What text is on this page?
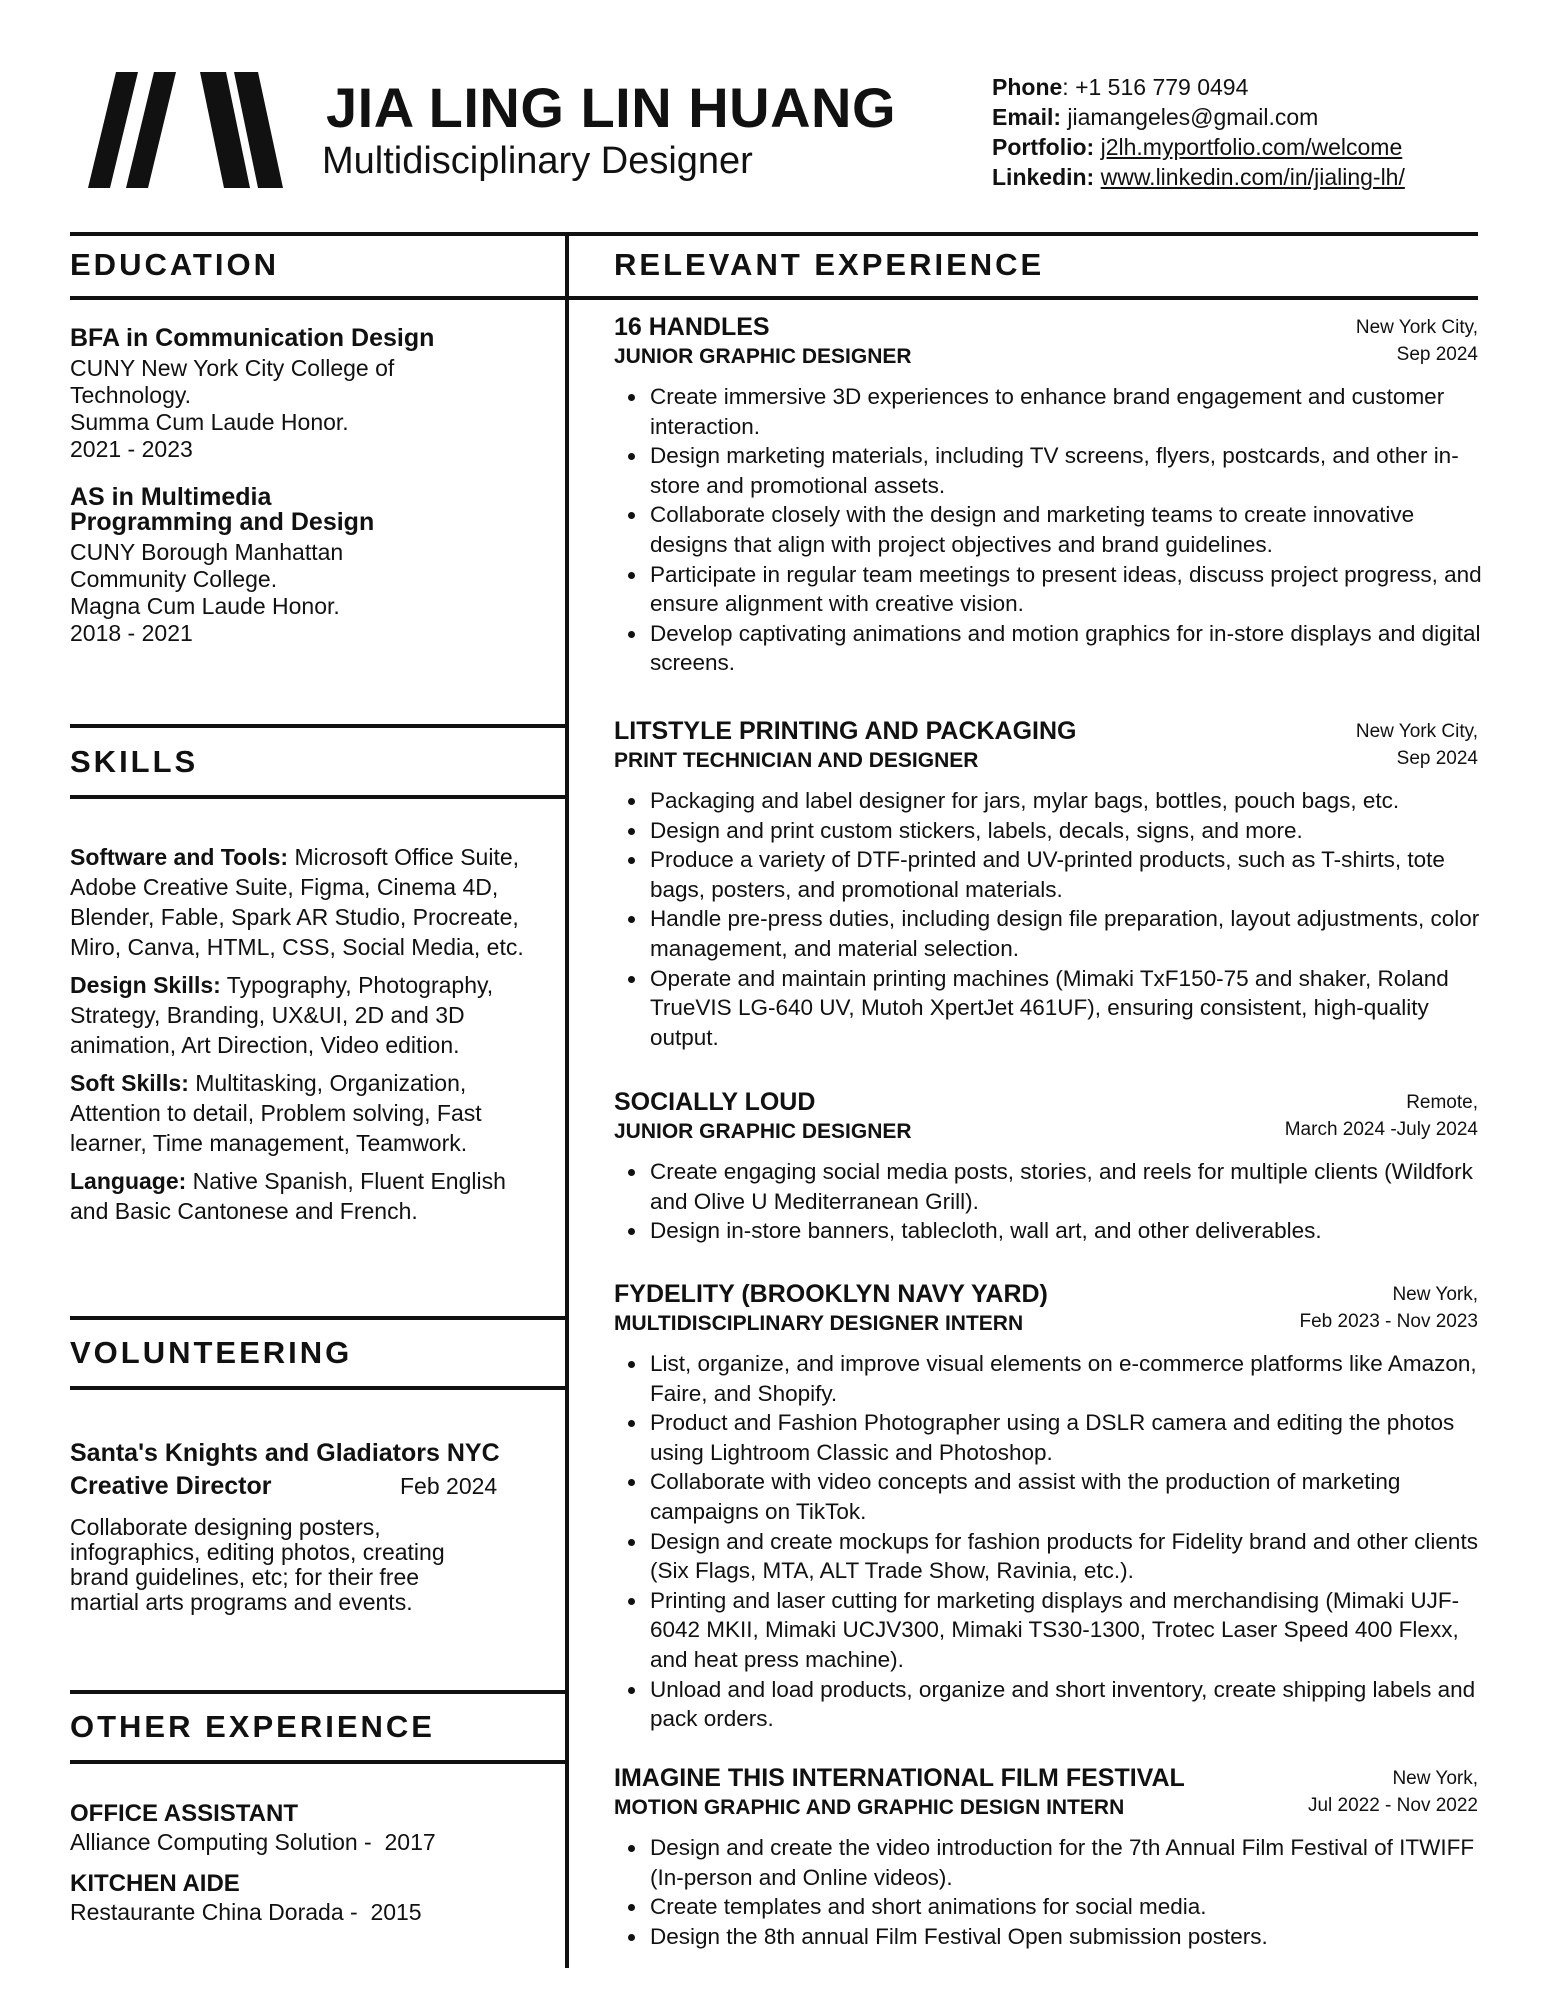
JIA LING LIN HUANG
Multidisciplinary Designer
Phone: +1 516 779 0494
Email: jiamangeles@gmail.com
Portfolio: j2lh.myportfolio.com/welcome
Linkedin: www.linkedin.com/in/jialing-lh/
EDUCATION
BFA in Communication Design
CUNY New York City College of
Technology.
Summa Cum Laude Honor.
2021 - 2023
AS in Multimedia
Programming and Design
CUNY Borough Manhattan
Community College.
Magna Cum Laude Honor.
2018 - 2021
SKILLS
Software and Tools: Microsoft Office Suite, Adobe Creative Suite, Figma, Cinema 4D, Blender, Fable, Spark AR Studio, Procreate, Miro, Canva, HTML, CSS, Social Media, etc.
Design Skills: Typography, Photography, Strategy, Branding, UX&UI, 2D and 3D animation, Art Direction, Video edition.
Soft Skills: Multitasking, Organization, Attention to detail, Problem solving, Fast learner, Time management, Teamwork.
Language: Native Spanish, Fluent English and Basic Cantonese and French.
VOLUNTEERING
Santa's Knights and Gladiators NYC
Creative Director	Feb 2024
Collaborate designing posters,
infographics, editing photos, creating
brand guidelines, etc; for their free
martial arts programs and events.
OTHER EXPERIENCE
OFFICE ASSISTANT
Alliance Computing Solution -  2017
KITCHEN AIDE
Restaurante China Dorada -  2015
RELEVANT EXPERIENCE
16 HANDLES
JUNIOR GRAPHIC DESIGNER
New York City,
Sep 2024
• Create immersive 3D experiences to enhance brand engagement and customer interaction.
• Design marketing materials, including TV screens, flyers, postcards, and other in-store and promotional assets.
• Collaborate closely with the design and marketing teams to create innovative designs that align with project objectives and brand guidelines.
• Participate in regular team meetings to present ideas, discuss project progress, and ensure alignment with creative vision.
• Develop captivating animations and motion graphics for in-store displays and digital screens.
LITSTYLE PRINTING AND PACKAGING
PRINT TECHNICIAN AND DESIGNER
New York City,
Sep 2024
• Packaging and label designer for jars, mylar bags, bottles, pouch bags, etc.
• Design and print custom stickers, labels, decals, signs, and more.
• Produce a variety of DTF-printed and UV-printed products, such as T-shirts, tote bags, posters, and promotional materials.
• Handle pre-press duties, including design file preparation, layout adjustments, color management, and material selection.
• Operate and maintain printing machines (Mimaki TxF150-75 and shaker, Roland TrueVIS LG-640 UV, Mutoh XpertJet 461UF), ensuring consistent, high-quality output.
SOCIALLY LOUD
JUNIOR GRAPHIC DESIGNER
Remote,
March 2024 -July 2024
• Create engaging social media posts, stories, and reels for multiple clients (Wildfork and Olive U Mediterranean Grill).
• Design in-store banners, tablecloth, wall art, and other deliverables.
FYDELITY (BROOKLYN NAVY YARD)
MULTIDISCIPLINARY DESIGNER INTERN
New York,
Feb 2023 - Nov 2023
• List, organize, and improve visual elements on e-commerce platforms like Amazon, Faire, and Shopify.
• Product and Fashion Photographer using a DSLR camera and editing the photos using Lightroom Classic and Photoshop.
• Collaborate with video concepts and assist with the production of marketing campaigns on TikTok.
• Design and create mockups for fashion products for Fidelity brand and other clients (Six Flags, MTA, ALT Trade Show, Ravinia, etc.).
• Printing and laser cutting for marketing displays and merchandising (Mimaki UJF-6042 MKII, Mimaki UCJV300, Mimaki TS30-1300, Trotec Laser Speed 400 Flexx, and heat press machine).
• Unload and load products, organize and short inventory, create shipping labels and pack orders.
IMAGINE THIS INTERNATIONAL FILM FESTIVAL
MOTION GRAPHIC AND GRAPHIC DESIGN INTERN
New York,
Jul 2022 - Nov 2022
• Design and create the video introduction for the 7th Annual Film Festival of ITWIFF (In-person and Online videos).
• Create templates and short animations for social media.
• Design the 8th annual Film Festival Open submission posters.
